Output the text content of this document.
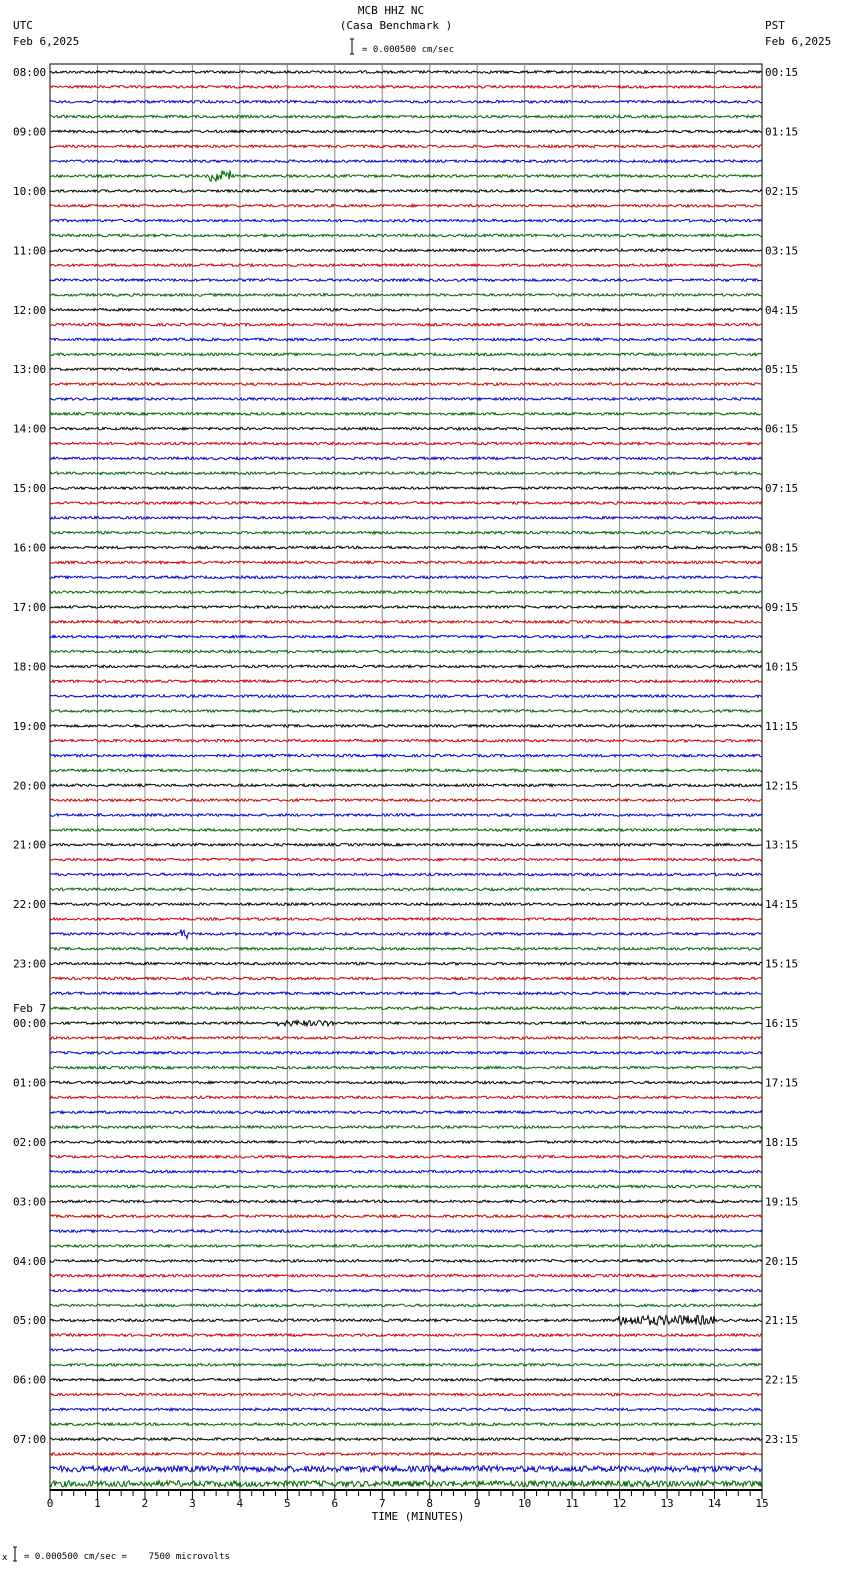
MCB HHZ NC
(Casa Benchmark )
UTC
Feb 6,2025
PST
Feb 6,2025
= 0.000500 cm/sec
08:00	00:15
09:00	01:15
10:00	02:15
11:00	03:15
12:00	04:15
13:00	05:15
14:00	06:15
15:00	07:15
16:00	08:15
17:00	09:15
18:00	10:15
19:00	11:15
20:00	12:15
21:00	13:15
22:00	14:15
23:00	15:15
00:00	16:15
01:00	17:15
02:00	18:15
03:00	19:15
04:00	20:15
05:00	21:15
06:00	22:15
07:00	23:15
Feb 7
0	1	2	3	4	5	6	7	8	9	10	11	12	13	14	15
TIME (MINUTES)
x = 0.000500 cm/sec =    7500 microvolts
